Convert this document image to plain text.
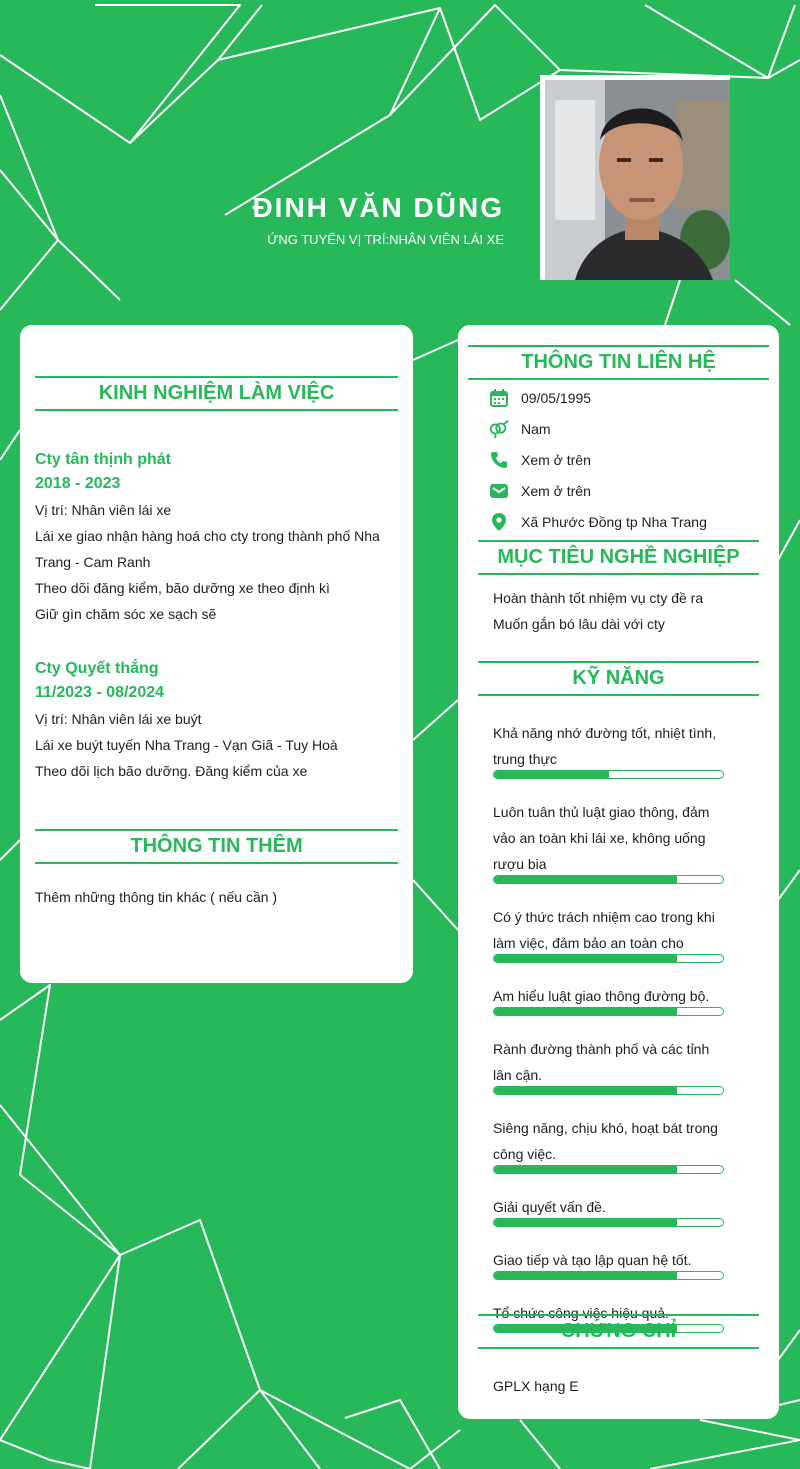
ĐINH VĂN DŨNG
ỨNG TUYỂN VỊ TRÍ:NHÂN VIÊN LÁI XE
KINH NGHIỆM LÀM VIỆC
Cty tân thịnh phát
2018 - 2023
Vị trí: Nhân viên lái xe
Lái xe giao nhận hàng hoá cho cty trong thành phố Nha
Trang - Cam Ranh
Theo dõi đăng kiểm, bão dưỡng xe theo định kì
Giữ gìn chăm sóc xe sạch sẽ
Cty Quyết thắng
11/2023 - 08/2024
Vị trí: Nhân viên lái xe buýt
Lái xe buýt tuyến Nha Trang - Vạn Giã - Tuy Hoà
Theo dõi lịch bão dưỡng. Đăng kiểm của xe
THÔNG TIN THÊM
Thêm những thông tin khác ( nếu cần )
THÔNG TIN LIÊN HỆ
09/05/1995
Nam
Xem ở trên
Xem ở trên
Xã Phước Đồng tp Nha Trang
MỤC TIÊU NGHỀ NGHIỆP
Hoàn thành tốt nhiệm vụ cty đề ra
Muốn gắn bó lâu dài với cty
KỸ NĂNG
Khả năng nhớ đường tốt, nhiệt tình,
trung thực
Luôn tuân thủ luật giao thông, đảm
vảo an toàn khi lái xe, không uống
rượu bia
Có ý thức trách nhiệm cao trong khi
làm việc, đảm bảo an toàn cho
Am hiểu luật giao thông đường bộ.
Rành đường thành phố và các tỉnh
lân cận.
Siêng năng, chịu khó, hoạt bát trong
công việc.
Giải quyết vấn đề.
Giao tiếp và tạo lập quan hệ tốt.
Tổ chức công việc hiệu quả.
CHỨNG CHỈ
GPLX hạng E
